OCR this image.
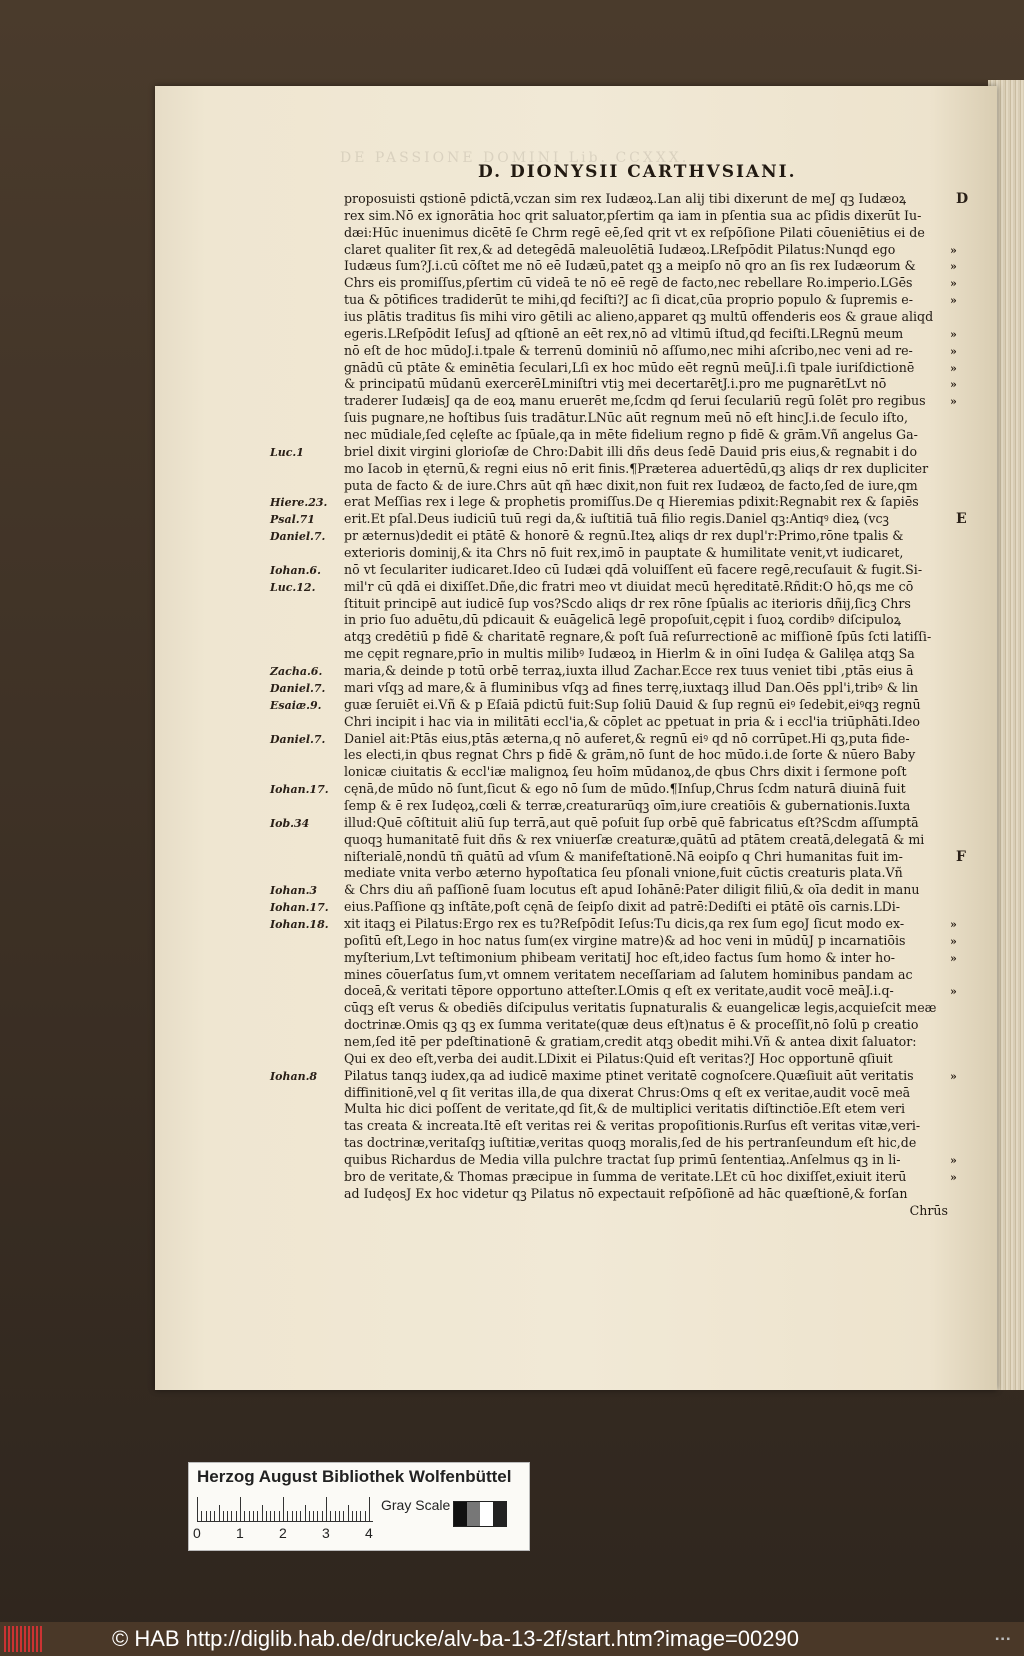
DE PASSIONE DOMINI Lib. CCXXX.
D. DIONYSII CARTHVSIANI.
proposuisti qstionē pdictā,vczan sim rex Iudæoꝝ.Lan alij tibi dixerunt de meJ qꝫ Iudæoꝝ
rex sim.Nō ex ignorātia hoc qrit saluator,pſertim qa iam in pſentia sua ac pſidis dixerūt Iu-
dæi:Hūc inuenimus dicētē ſe Chrm regē eē,ſed qrit vt ex reſpōſione Pilati cōueniētius ei de
claret qualiter ſit rex,& ad detegēdā maleuolētiā Iudæoꝝ.LReſpōdit Pilatus:Nunqd ego
Iudæus ſum?J.i.cū cōſtet me nō eē Iudæū,patet qꝫ a meipſo nō qro an ſis rex Iudæorum &
Chrs eis promiſſus,pſertim cū videā te nō eē regē de facto,nec rebellare Ro.imperio.LGēs
tua & pōtifices tradiderūt te mihi,qd feciſti?J ac ſi dicat,cūa proprio populo & ſupremis e-
ius plātis traditus ſis mihi viro gētili ac alieno,apparet qꝫ multū offenderis eos & graue aliqd
egeris.LReſpōdit IeſusJ ad qſtionē an eēt rex,nō ad vltimū iſtud,qd feciſti.LRegnū meum
nō eſt de hoc mūdoJ.i.tpale & terrenū dominiū nō aſſumo,nec mihi aſcribo,nec veni ad re-
gnādū cū ptāte & eminētia ſeculari,Lſi ex hoc mūdo eēt regnū meūJ.i.ſi tpale iuriſdictionē
& principatū mūdanū exercerēLminiſtri vtiꝫ mei decertarētJ.i.pro me pugnarētLvt nō
traderer IudæisJ qa de eoꝝ manu eruerēt me,ſcdm qd ſerui ſeculariū regū ſolēt pro regibus
ſuis pugnare,ne hoſtibus ſuis tradātur.LNūc aūt regnum meū nō eſt hincJ.i.de ſeculo iſto,
nec mūdiale,ſed cęleſte ac ſpūale,qa in mēte fidelium regno p fidē & grām.Vñ angelus Ga-
briel dixit virgini glorioſæ de Chro:Dabit illi dñs deus ſedē Dauid pris eius,& regnabit i do
mo Iacob in ęternū,& regni eius nō erit finis.¶Præterea aduertēdū,qꝫ aliqs dr rex dupliciter
puta de facto & de iure.Chrs aūt qñ hæc dixit,non fuit rex Iudæoꝝ de facto,ſed de iure,qm
erat Meſſias rex i lege & prophetis promiſſus.De q Hieremias pdixit:Regnabit rex & ſapiēs
erit.Et pſal.Deus iudiciū tuū regi da,& iuſtitiā tuā filio regis.Daniel qꝫ:Antiqꝰ dieꝝ (vcꝫ
pr æternus)dedit ei ptātē & honorē & regnū.Iteꝝ aliqs dr rex dupl'r:Primo,rōne tpalis &
exterioris dominij,& ita Chrs nō fuit rex,imō in pauptate & humilitate venit,vt iudicaret,
nō vt ſeculariter iudicaret.Ideo cū Iudæi qdā voluiſſent eū facere regē,recuſauit & fugit.Si-
mil'r cū qdā ei dixiſſet.Dñe,dic fratri meo vt diuidat mecū hęreditatē.Rñdit:O hō,qs me cō
ſtituit principē aut iudicē ſup vos?Scdo aliqs dr rex rōne ſpūalis ac iterioris dñij,ſicꝫ Chrs
in prio ſuo aduētu,dū pdicauit & euāgelicā legē propoſuit,cępit i ſuoꝝ cordibꝰ diſcipuloꝝ
atqꝫ credētiū p fidē & charitatē regnare,& poſt ſuā reſurrectionē ac miſſionē ſpūs ſcti latiſſi-
me cępit regnare,prīo in multis milibꝰ Iudæoꝝ in Hierlm & in oīni Iudęa & Galilęa atqꝫ Sa
maria,& deinde p totū orbē terraꝝ,iuxta illud Zachar.Ecce rex tuus veniet tibi ,ptās eius ā
mari vſqꝫ ad mare,& ā fluminibus vſqꝫ ad fines terrę,iuxtaqꝫ illud Dan.Oēs ppl'i,tribꝰ & lin
guæ ſeruiēt ei.Vñ & p Eſaiā pdictū fuit:Sup ſoliū Dauid & ſup regnū eiꝰ ſedebit,eiꝰqꝫ regnū
Chri incipit i hac via in militāti eccl'ia,& cōplet ac ppetuat in pria & i eccl'ia triūphāti.Ideo
Daniel ait:Ptās eius,ptās æterna,q nō auferet,& regnū eiꝰ qd nō corrūpet.Hi qꝫ,puta fide-
les electi,in qbus regnat Chrs p fidē & grām,nō ſunt de hoc mūdo.i.de ſorte & nūero Baby
lonicæ ciuitatis & eccl'iæ malignoꝝ ſeu hoīm mūdanoꝝ,de qbus Chrs dixit i ſermone poſt
cęnā,de mūdo nō ſunt,ſicut & ego nō ſum de mūdo.¶Inſup,Chrus ſcdm naturā diuinā fuit
ſemp & ē rex Iudęoꝝ,cœli & terræ,creaturarūqꝫ oīm,iure creatiōis & gubernationis.Iuxta
illud:Quē cōſtituit aliū ſup terrā,aut quē poſuit ſup orbē quē fabricatus eſt?Scdm aſſumptā
quoqꝫ humanitatē fuit dñs & rex vniuerſæ creaturæ,quātū ad ptātem creatā,delegatā & mi
niſterialē,nondū tñ quātū ad vſum & manifeſtationē.Nā eoipſo q Chri humanitas fuit im-
mediate vnita verbo æterno hypoſtatica ſeu pſonali vnione,fuit cūctis creaturis plata.Vñ
& Chrs diu añ paſſionē ſuam locutus eſt apud Iohānē:Pater diligit filiū,& oīa dedit in manu
eius.Paſſione qꝫ inſtāte,poſt cęnā de ſeipſo dixit ad patrē:Dediſti ei ptātē oīs carnis.LDi-
xit itaqꝫ ei Pilatus:Ergo rex es tu?Reſpōdit Ieſus:Tu dicis,qa rex ſum egoJ ſicut modo ex-
poſitū eſt,Lego in hoc natus ſum(ex virgine matre)& ad hoc veni in mūdūJ p incarnatiōis
myſterium,Lvt teſtimonium phibeam veritatiJ hoc eſt,ideo factus ſum homo & inter ho-
mines cōuerſatus ſum,vt omnem veritatem neceſſariam ad ſalutem hominibus pandam ac
doceā,& veritati tēpore opportuno atteſter.LOmis q eſt ex veritate,audit vocē meāJ.i.q-
cūqꝫ eſt verus & obediēs diſcipulus veritatis ſupnaturalis & euangelicæ legis,acquieſcit meæ
doctrinæ.Omis qꝫ qꝫ ex ſumma veritate(quæ deus eſt)natus ē & proceſſit,nō ſolū p creatio
nem,ſed itē per pdeſtinationē & gratiam,credit atqꝫ obedit mihi.Vñ & antea dixit ſaluator:
Qui ex deo eſt,verba dei audit.LDixit ei Pilatus:Quid eſt veritas?J Hoc opportunē qſiuit
Pilatus tanqꝫ iudex,qa ad iudicē maxime ptinet veritatē cognoſcere.Quæſiuit aūt veritatis
diffinitionē,vel q ſit veritas illa,de qua dixerat Chrus:Oms q eſt ex veritae,audit vocē meā
Multa hic dici poſſent de veritate,qd ſit,& de multiplici veritatis diſtinctiōe.Eſt etem veri
tas creata & increata.Itē eſt veritas rei & veritas propoſitionis.Rurſus eſt veritas vitæ,veri-
tas doctrinæ,veritaſqꝫ iuſtitiæ,veritas quoqꝫ moralis,ſed de his pertranſeundum eſt hic,de
quibus Richardus de Media villa pulchre tractat ſup primū ſententiaꝝ.Anſelmus qꝫ in li-
bro de veritate,& Thomas præcipue in ſumma de veritate.LEt cū hoc dixiſſet,exiuit iterū
ad IudęosJ Ex hoc videtur qꝫ Pilatus nō expectauit reſpōſionē ad hāc quæſtionē,& forſan
Chrūs
Luc.1
Hiere.23.
Psal.71
Daniel.7.
Iohan.6.
Luc.12.
Zacha.6.
Daniel.7.
Esaiæ.9.
Daniel.7.
Iohan.17.
Iob.34
Iohan.3
Iohan.17.
Iohan.18.
Iohan.8
D
E
F
»
»
»
»
»
»
»
»
»
»
»
»
»
»
»
»
Herzog August Bibliothek Wolfenbüttel
Gray Scale
0	1	2	3	4
© HAB http://diglib.hab.de/drucke/alv-ba-13-2f/start.htm?image=00290	▪▪▪
